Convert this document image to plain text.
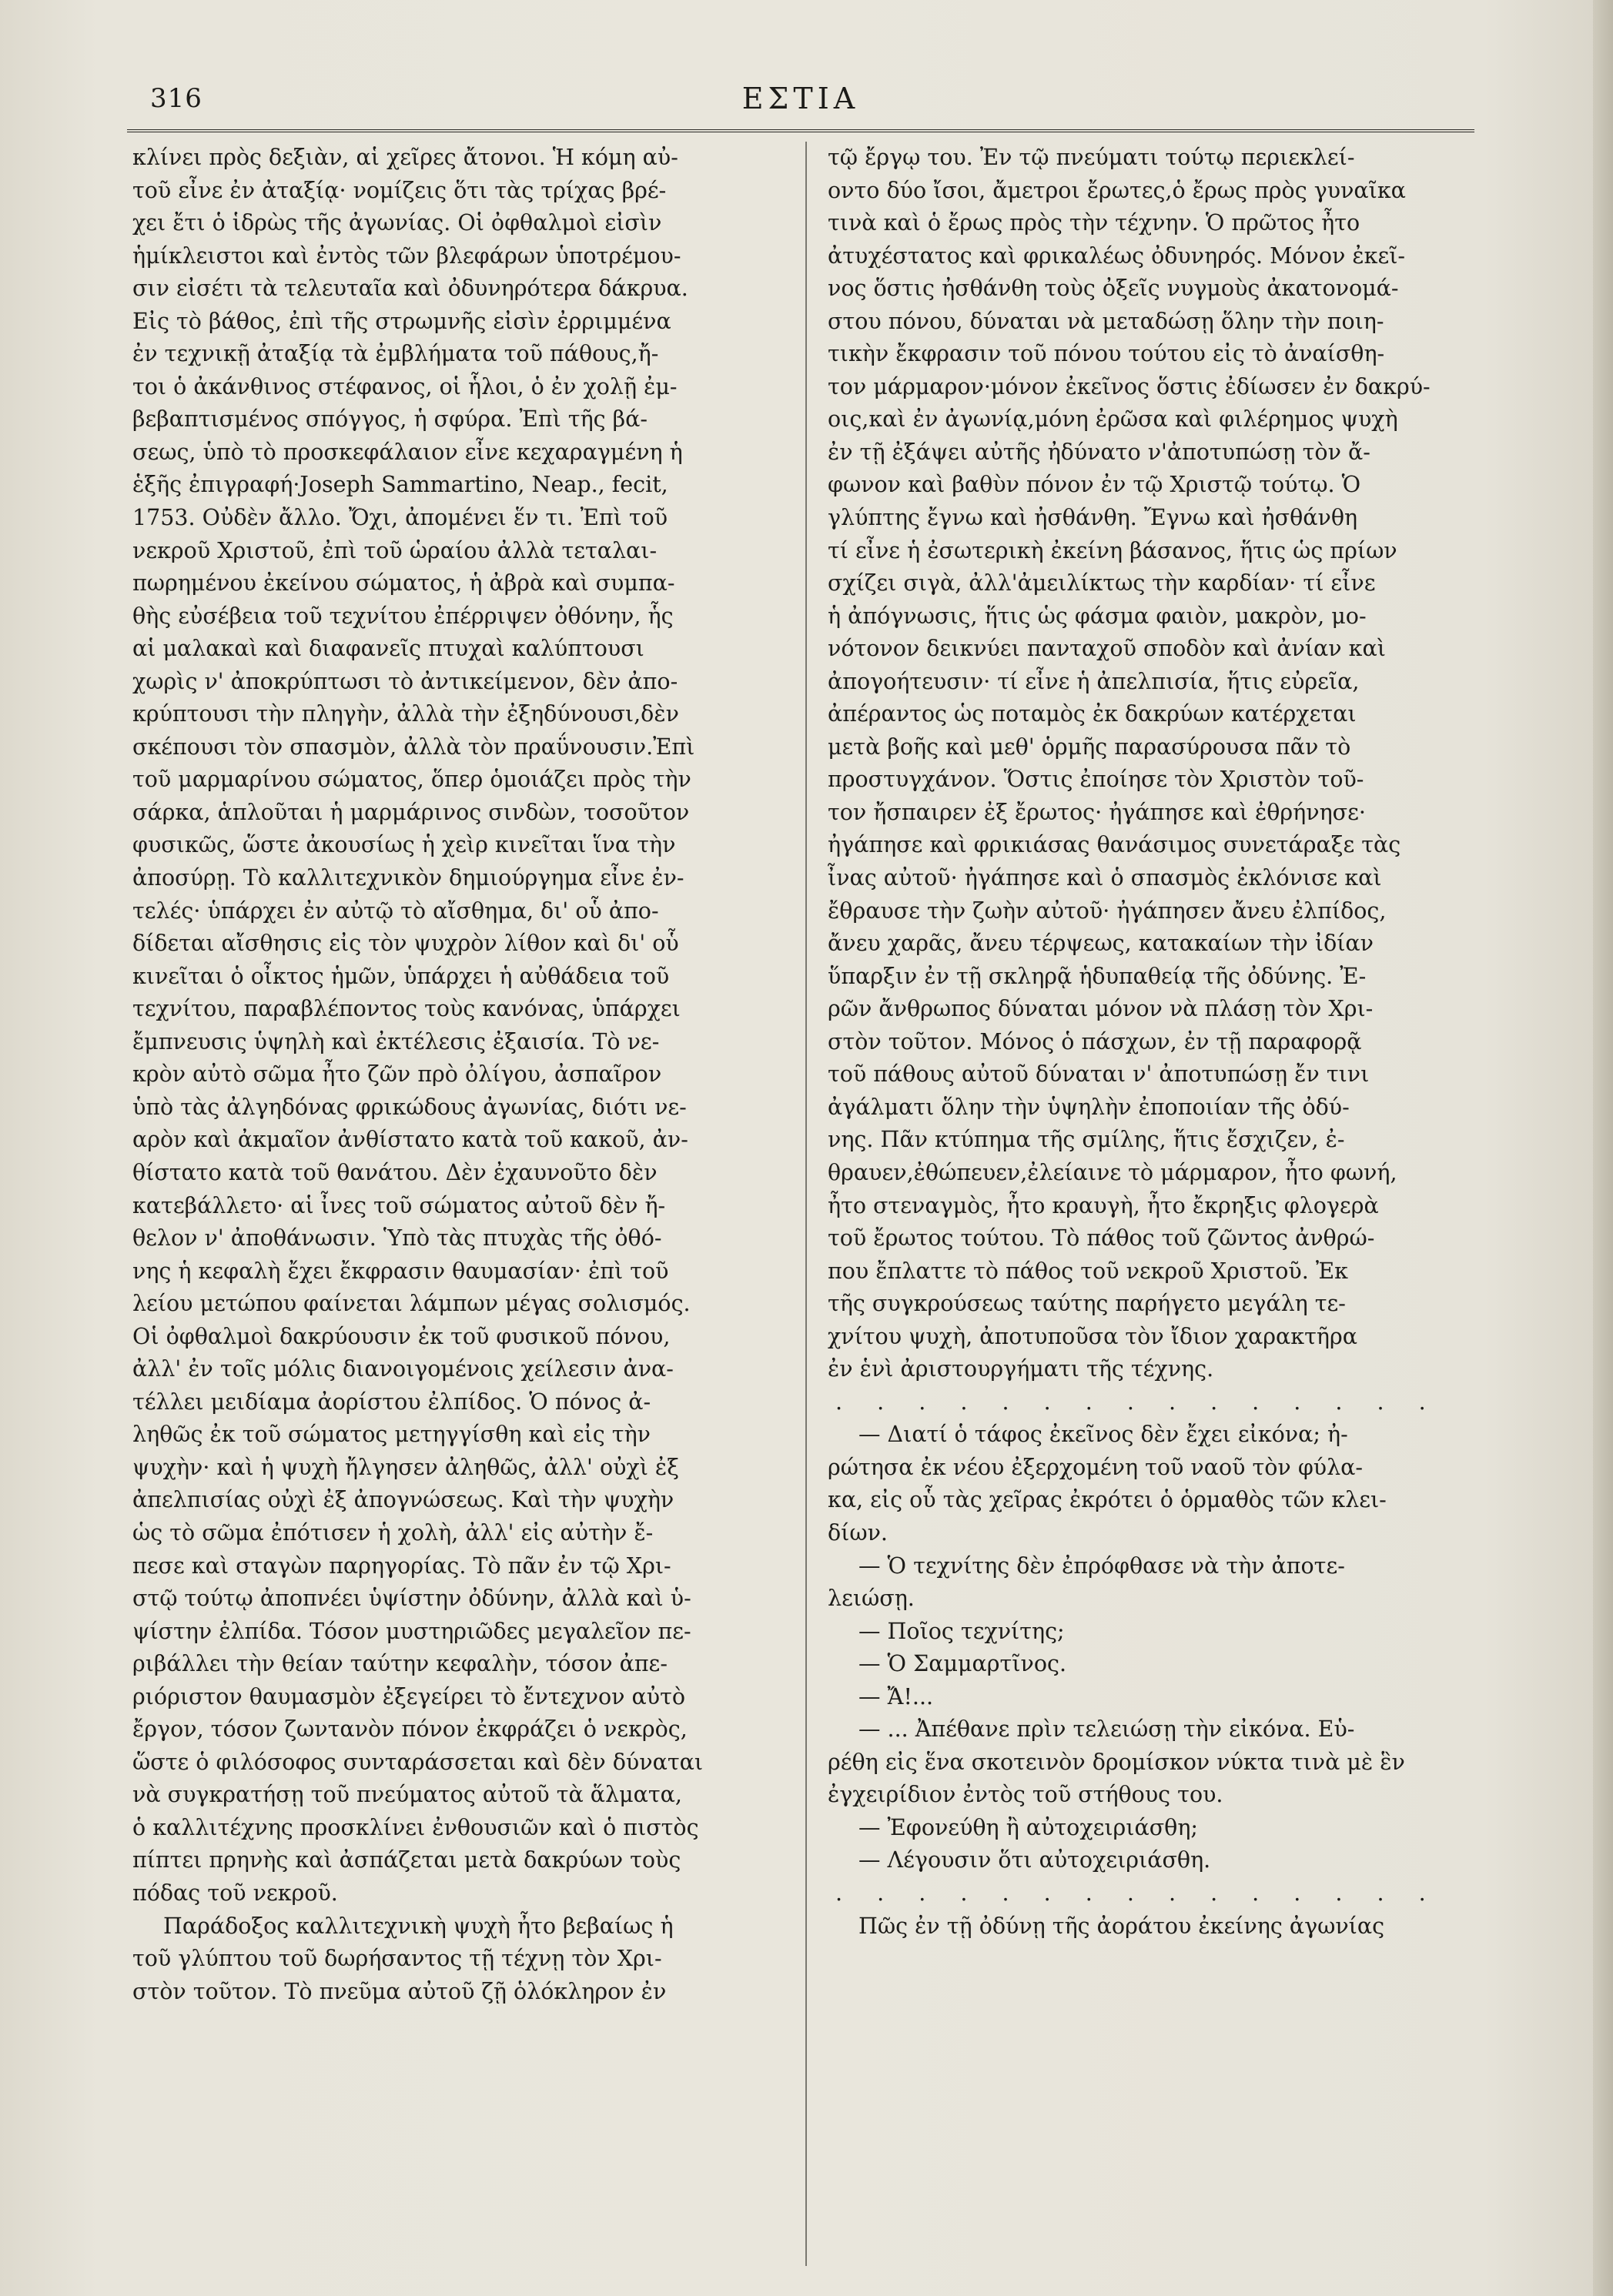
316	ΕΣΤΙΑ
κλίνει πρὸς δεξιὰν, αἱ χεῖρες ἄτονοι. Ἡ κόμη αὐ-
τοῦ εἶνε ἐν ἀταξίᾳ· νομίζεις ὅτι τὰς τρίχας βρέ-
χει ἔτι ὁ ἱδρὼς τῆς ἀγωνίας. Οἱ ὀφθαλμοὶ εἰσὶν
ἡμίκλειστοι καὶ ἐντὸς τῶν βλεφάρων ὑποτρέμου-
σιν εἰσέτι τὰ τελευταῖα καὶ ὀδυνηρότερα δάκρυα.
Εἰς τὸ βάθος, ἐπὶ τῆς στρωμνῆς εἰσὶν ἐρριμμένα
ἐν τεχνικῇ ἀταξίᾳ τὰ ἐμβλήματα τοῦ πάθους,ἤ-
τοι ὁ ἀκάνθινος στέφανος, οἱ ἧλοι, ὁ ἐν χολῇ ἐμ-
βεβαπτισμένος σπόγγος, ἡ σφύρα. Ἐπὶ τῆς βά-
σεως, ὑπὸ τὸ προσκεφάλαιον εἶνε κεχαραγμένη ἡ
ἑξῆς ἐπιγραφή·Joseph Sammartino, Neap., fecit,
1753. Οὐδὲν ἄλλο. Ὄχι, ἀπομένει ἕν τι. Ἐπὶ τοῦ
νεκροῦ Χριστοῦ, ἐπὶ τοῦ ὡραίου ἀλλὰ τεταλαι-
πωρημένου ἐκείνου σώματος, ἡ ἀβρὰ καὶ συμπα-
θὴς εὐσέβεια τοῦ τεχνίτου ἐπέρριψεν ὀθόνην, ἧς
αἱ μαλακαὶ καὶ διαφανεῖς πτυχαὶ καλύπτουσι
χωρὶς ν' ἀποκρύπτωσι τὸ ἀντικείμενον, δὲν ἀπο-
κρύπτουσι τὴν πληγὴν, ἀλλὰ τὴν ἐξηδύνουσι,δὲν
σκέπουσι τὸν σπασμὸν, ἀλλὰ τὸν πραΰνουσιν.Ἐπὶ
τοῦ μαρμαρίνου σώματος, ὅπερ ὁμοιάζει πρὸς τὴν
σάρκα, ἁπλοῦται ἡ μαρμάρινος σινδὼν, τοσοῦτον
φυσικῶς, ὥστε ἀκουσίως ἡ χεὶρ κινεῖται ἵνα τὴν
ἀποσύρῃ. Τὸ καλλιτεχνικὸν δημιούργημα εἶνε ἐν-
τελές· ὑπάρχει ἐν αὐτῷ τὸ αἴσθημα, δι' οὗ ἀπο-
δίδεται αἴσθησις εἰς τὸν ψυχρὸν λίθον καὶ δι' οὗ
κινεῖται ὁ οἶκτος ἡμῶν, ὑπάρχει ἡ αὐθάδεια τοῦ
τεχνίτου, παραβλέποντος τοὺς κανόνας, ὑπάρχει
ἔμπνευσις ὑψηλὴ καὶ ἐκτέλεσις ἐξαισία. Τὸ νε-
κρὸν αὐτὸ σῶμα ἦτο ζῶν πρὸ ὀλίγου, ἀσπαῖρον
ὑπὸ τὰς ἀλγηδόνας φρικώδους ἀγωνίας, διότι νε-
αρὸν καὶ ἀκμαῖον ἀνθίστατο κατὰ τοῦ κακοῦ, ἀν-
θίστατο κατὰ τοῦ θανάτου. Δὲν ἐχαυνοῦτο δὲν
κατεβάλλετο· αἱ ἶνες τοῦ σώματος αὐτοῦ δὲν ἤ-
θελον ν' ἀποθάνωσιν. Ὑπὸ τὰς πτυχὰς τῆς ὀθό-
νης ἡ κεφαλὴ ἔχει ἔκφρασιν θαυμασίαν· ἐπὶ τοῦ
λείου μετώπου φαίνεται λάμπων μέγας σολισμός.
Οἱ ὀφθαλμοὶ δακρύουσιν ἐκ τοῦ φυσικοῦ πόνου,
ἀλλ' ἐν τοῖς μόλις διανοιγομένοις χείλεσιν ἀνα-
τέλλει μειδίαμα ἀορίστου ἐλπίδος. Ὁ πόνος ἀ-
ληθῶς ἐκ τοῦ σώματος μετηγγίσθη καὶ εἰς τὴν
ψυχὴν· καὶ ἡ ψυχὴ ἤλγησεν ἀληθῶς, ἀλλ' οὐχὶ ἐξ
ἀπελπισίας οὐχὶ ἐξ ἀπογνώσεως. Καὶ τὴν ψυχὴν
ὡς τὸ σῶμα ἐπότισεν ἡ χολὴ, ἀλλ' εἰς αὐτὴν ἔ-
πεσε καὶ σταγὼν παρηγορίας. Τὸ πᾶν ἐν τῷ Χρι-
στῷ τούτῳ ἀποπνέει ὑψίστην ὀδύνην, ἀλλὰ καὶ ὑ-
ψίστην ἐλπίδα. Τόσον μυστηριῶδες μεγαλεῖον πε-
ριβάλλει τὴν θείαν ταύτην κεφαλὴν, τόσον ἀπε-
ριόριστον θαυμασμὸν ἐξεγείρει τὸ ἔντεχνον αὐτὸ
ἔργον, τόσον ζωντανὸν πόνον ἐκφράζει ὁ νεκρὸς,
ὥστε ὁ φιλόσοφος συνταράσσεται καὶ δὲν δύναται
νὰ συγκρατήσῃ τοῦ πνεύματος αὐτοῦ τὰ ἅλματα,
ὁ καλλιτέχνης προσκλίνει ἐνθουσιῶν καὶ ὁ πιστὸς
πίπτει πρηνὴς καὶ ἀσπάζεται μετὰ δακρύων τοὺς
πόδας τοῦ νεκροῦ.
Παράδοξος καλλιτεχνικὴ ψυχὴ ἦτο βεβαίως ἡ
τοῦ γλύπτου τοῦ δωρήσαντος τῇ τέχνῃ τὸν Χρι-
στὸν τοῦτον. Τὸ πνεῦμα αὐτοῦ ζῇ ὁλόκληρον ἐν
τῷ ἔργῳ του. Ἐν τῷ πνεύματι τούτῳ περιεκλεί-
οντο δύο ἴσοι, ἄμετροι ἔρωτες,ὁ ἔρως πρὸς γυναῖκα
τινὰ καὶ ὁ ἔρως πρὸς τὴν τέχνην. Ὁ πρῶτος ἦτο
ἀτυχέστατος καὶ φρικαλέως ὀδυνηρός. Μόνον ἐκεῖ-
νος ὅστις ἠσθάνθη τοὺς ὀξεῖς νυγμοὺς ἀκατονομά-
στου πόνου, δύναται νὰ μεταδώσῃ ὅλην τὴν ποιη-
τικὴν ἔκφρασιν τοῦ πόνου τούτου εἰς τὸ ἀναίσθη-
τον μάρμαρον·μόνον ἐκεῖνος ὅστις ἐδίωσεν ἐν δακρύ-
οις,καὶ ἐν ἀγωνίᾳ,μόνη ἐρῶσα καὶ φιλέρημος ψυχὴ
ἐν τῇ ἐξάψει αὐτῆς ἠδύνατο ν'ἀποτυπώσῃ τὸν ἄ-
φωνον καὶ βαθὺν πόνον ἐν τῷ Χριστῷ τούτῳ. Ὁ
γλύπτης ἔγνω καὶ ἠσθάνθη. Ἔγνω καὶ ἠσθάνθη
τί εἶνε ἡ ἐσωτερικὴ ἐκείνη βάσανος, ἥτις ὡς πρίων
σχίζει σιγὰ, ἀλλ'ἀμειλίκτως τὴν καρδίαν· τί εἶνε
ἡ ἀπόγνωσις, ἥτις ὡς φάσμα φαιὸν, μακρὸν, μο-
νότονον δεικνύει πανταχοῦ σποδὸν καὶ ἀνίαν καὶ
ἀπογοήτευσιν· τί εἶνε ἡ ἀπελπισία, ἥτις εὐρεῖα,
ἀπέραντος ὡς ποταμὸς ἐκ δακρύων κατέρχεται
μετὰ βοῆς καὶ μεθ' ὁρμῆς παρασύρουσα πᾶν τὸ
προστυγχάνον. Ὅστις ἐποίησε τὸν Χριστὸν τοῦ-
τον ἤσπαιρεν ἐξ ἔρωτος· ἠγάπησε καὶ ἐθρήνησε·
ἠγάπησε καὶ φρικιάσας θανάσιμος συνετάραξε τὰς
ἶνας αὐτοῦ· ἠγάπησε καὶ ὁ σπασμὸς ἐκλόνισε καὶ
ἔθραυσε τὴν ζωὴν αὐτοῦ· ἠγάπησεν ἄνευ ἐλπίδος,
ἄνευ χαρᾶς, ἄνευ τέρψεως, κατακαίων τὴν ἰδίαν
ὕπαρξιν ἐν τῇ σκληρᾷ ἡδυπαθείᾳ τῆς ὀδύνης. Ἐ-
ρῶν ἄνθρωπος δύναται μόνον νὰ πλάσῃ τὸν Χρι-
στὸν τοῦτον. Μόνος ὁ πάσχων, ἐν τῇ παραφορᾷ
τοῦ πάθους αὐτοῦ δύναται ν' ἀποτυπώσῃ ἔν τινι
ἀγάλματι ὅλην τὴν ὑψηλὴν ἐποποιίαν τῆς ὀδύ-
νης. Πᾶν κτύπημα τῆς σμίλης, ἥτις ἔσχιζεν, ἐ-
θραυεν,ἐθώπευεν,ἐλείαινε τὸ μάρμαρον, ἦτο φωνή,
ἦτο στεναγμὸς, ἦτο κραυγὴ, ἦτο ἔκρηξις φλογερὰ
τοῦ ἔρωτος τούτου. Τὸ πάθος τοῦ ζῶντος ἀνθρώ-
που ἔπλαττε τὸ πάθος τοῦ νεκροῦ Χριστοῦ. Ἐκ
τῆς συγκρούσεως ταύτης παρήγετο μεγάλη τε-
χνίτου ψυχὴ, ἀποτυποῦσα τὸν ἴδιον χαρακτῆρα
ἐν ἑνὶ ἀριστουργήματι τῆς τέχνης.
. . . . . . . . . . . . . . .
— Διατί ὁ τάφος ἐκεῖνος δὲν ἔχει εἰκόνα; ἠ-
ρώτησα ἐκ νέου ἐξερχομένη τοῦ ναοῦ τὸν φύλα-
κα, εἰς οὗ τὰς χεῖρας ἐκρότει ὁ ὁρμαθὸς τῶν κλει-
δίων.
— Ὁ τεχνίτης δὲν ἐπρόφθασε νὰ τὴν ἀποτε-
λειώσῃ.
— Ποῖος τεχνίτης;
— Ὁ Σαμμαρτῖνος.
— Ἄ!...
— ... Ἀπέθανε πρὶν τελειώσῃ τὴν εἰκόνα. Εὑ-
ρέθη εἰς ἕνα σκοτεινὸν δρομίσκον νύκτα τινὰ μὲ ἓν
ἐγχειρίδιον ἐντὸς τοῦ στήθους του.
— Ἐφονεύθη ἢ αὐτοχειριάσθη;
— Λέγουσιν ὅτι αὐτοχειριάσθη.
. . . . . . . . . . . . . . .
Πῶς ἐν τῇ ὀδύνῃ τῆς ἀοράτου ἐκείνης ἀγωνίας
